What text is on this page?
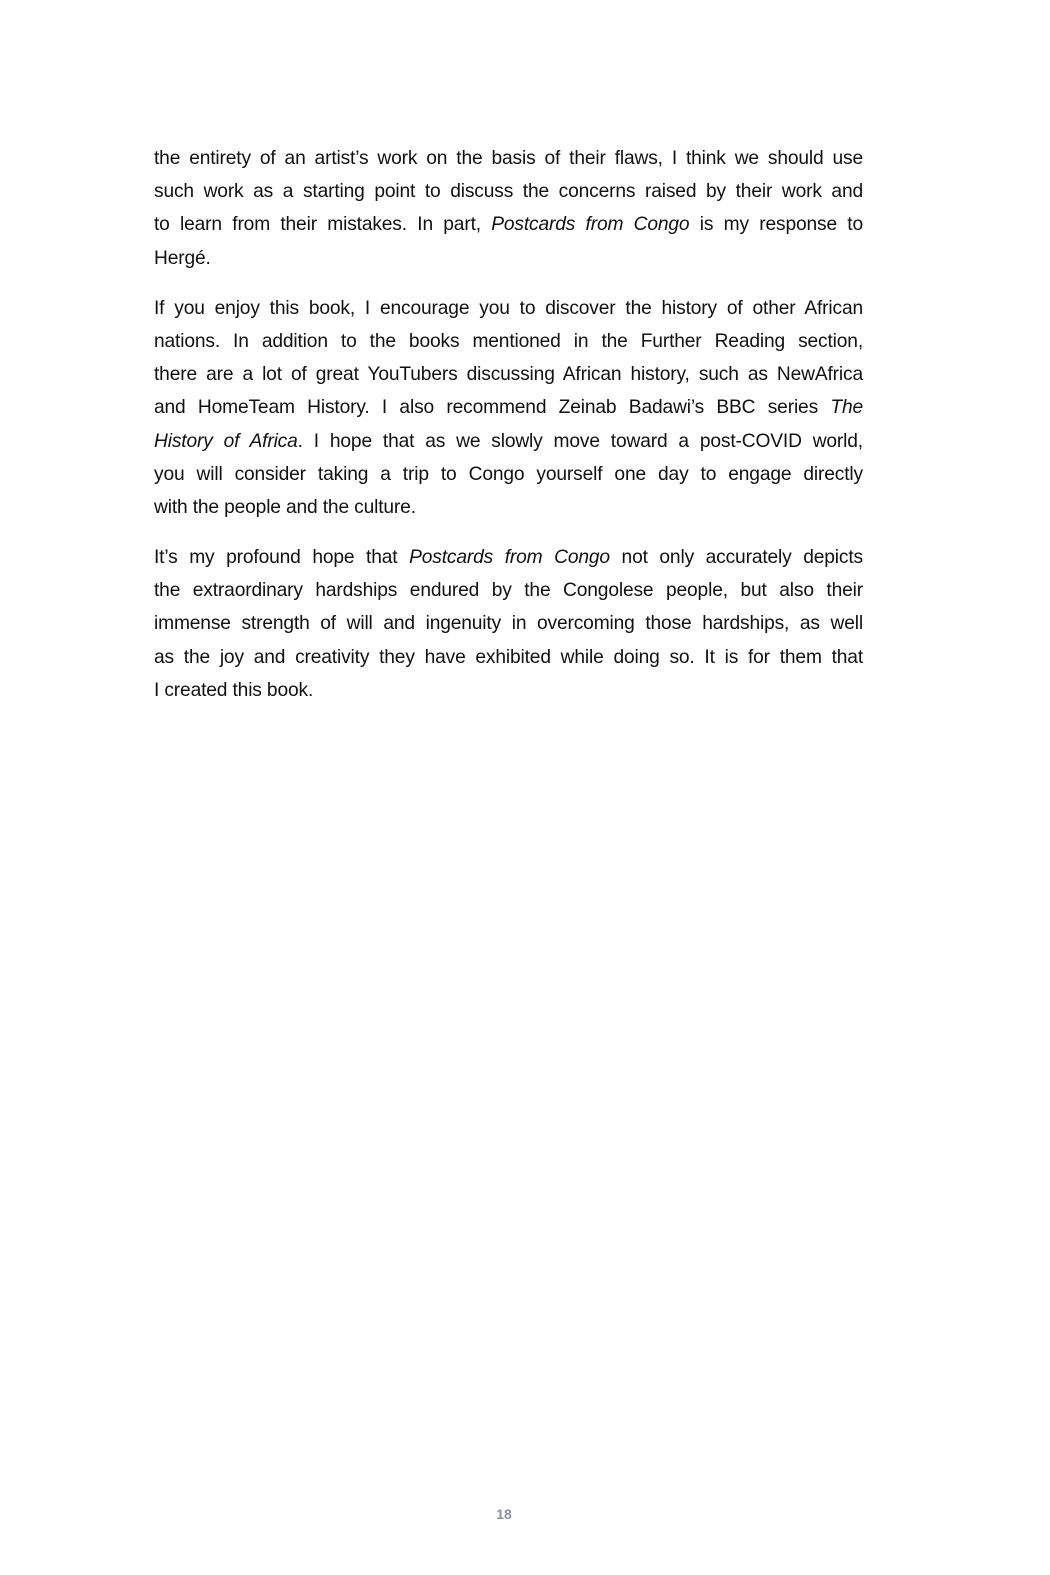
the entirety of an artist’s work on the basis of their flaws, I think we should use
such work as a starting point to discuss the concerns raised by their work and
to learn from their mistakes. In part, Postcards from Congo is my response to
Hergé.

If you enjoy this book, I encourage you to discover the history of other African
nations. In addition to the books mentioned in the Further Reading section,
there are a lot of great YouTubers discussing African history, such as NewAfrica
and HomeTeam History. I also recommend Zeinab Badawi’s BBC series The
History of Africa. I hope that as we slowly move toward a post-COVID world,
you will consider taking a trip to Congo yourself one day to engage directly
with the people and the culture.

It’s my profound hope that Postcards from Congo not only accurately depicts
the extraordinary hardships endured by the Congolese people, but also their
immense strength of will and ingenuity in overcoming those hardships, as well
as the joy and creativity they have exhibited while doing so. It is for them that
I created this book.

18
